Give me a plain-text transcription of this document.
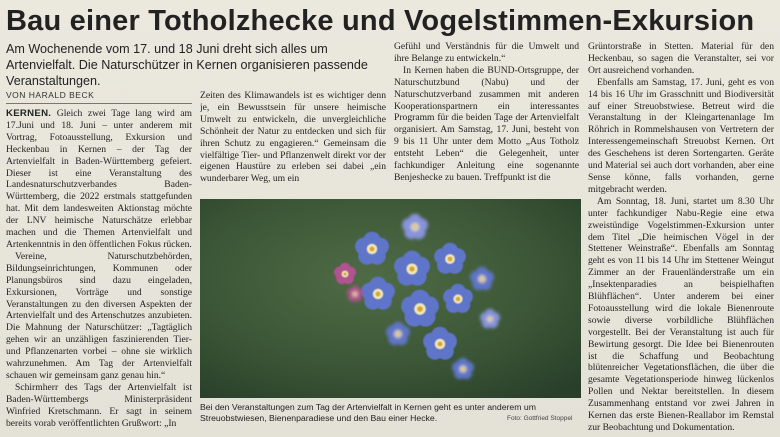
Bau einer Totholzhecke und Vogelstimmen-Exkursion
Am Wochenende vom 17. und 18 Juni dreht sich alles um Artenvielfalt. Die Naturschützer in Kernen organisieren passende Veranstaltungen.
VON HARALD BECK

KERNEN. Gleich zwei Tage lang wird am 17.Juni und 18. Juni – unter anderem mit Vortrag, Fotoausstellung, Exkursion und Heckenbau in Kernen – der Tag der Artenvielfalt in Baden-Württemberg gefeiert. Dieser ist eine Veranstaltung des Landesnaturschutzverbandes Baden-Württemberg, die 2022 erstmals stattgefunden hat. Mit dem landesweiten Aktionstag möchte der LNV heimische Naturschätze erlebbar machen und die Themen Artenvielfalt und Artenkenntnis in den öffentlichen Fokus rücken.

Vereine, Naturschutzbehörden, Bildungseinrichtungen, Kommunen oder Planungsbüros sind dazu eingeladen, Exkursionen, Vorträge und sonstige Veranstaltungen zu den diversen Aspekten der Artenvielfalt und des Artenschutzes anzubieten. Die Mahnung der Naturschützer: „Tagtäglich gehen wir an unzähligen faszinierenden Tier- und Pflanzenarten vorbei – ohne sie wirklich wahrzunehmen. Am Tag der Artenvielfalt schauen wir gemeinsam ganz genau hin.“

Schirmherr des Tags der Artenvielfalt ist Baden-Württembergs Ministerpräsident Winfried Kretschmann. Er sagt in seinem bereits vorab veröffentlichten Grußwort: „In

Zeiten des Klimawandels ist es wichtiger denn je, ein Bewusstsein für unsere heimische Umwelt zu entwickeln, die unvergleichliche Schönheit der Natur zu entdecken und sich für ihren Schutz zu engagieren.“ Gemeinsam die vielfältige Tier- und Pflanzenwelt direkt vor der eigenen Haustüre zu erleben sei dabei „ein wunderbarer Weg, um ein

Gefühl und Verständnis für die Umwelt und ihre Belange zu entwickeln.“

In Kernen haben die BUND-Ortsgruppe, der Naturschutzbund (Nabu) und der Naturschutzverband zusammen mit anderen Kooperationspartnern ein interessantes Programm für die beiden Tage der Artenvielfalt organisiert. Am Samstag, 17. Juni, besteht von 9 bis 11 Uhr unter dem Motto „Aus Totholz entsteht Leben“ die Gelegenheit, unter fachkundiger Anleitung eine sogenannte Benjeshecke zu bauen. Treffpunkt ist die

Grüntorstraße in Stetten. Material für den Heckenbau, so sagen die Veranstalter, sei vor Ort ausreichend vorhanden.

Ebenfalls am Samstag, 17. Juni, geht es von 14 bis 16 Uhr im Grasschnitt und Biodiversität auf einer Streuobstwiese. Betreut wird die Veranstaltung in der Kleingartenanlage Im Röhrich in Rommelshausen von Vertretern der Interessengemeinschaft Streuobst Kernen. Ort des Geschehens ist deren Sortengarten. Geräte und Material sei auch dort vorhanden, aber eine Sense könne, falls vorhanden, gerne mitgebracht werden.

Am Sonntag, 18. Juni, startet um 8.30 Uhr unter fachkundiger Nabu-Regie eine etwa zweistündige Vogelstimmen-Exkursion unter dem Titel „Die heimischen Vögel in der Stettener Weinstraße“. Ebenfalls am Sonntag geht es von 11 bis 14 Uhr im Stettener Weingut Zimmer an der Frauenländerstraße um ein „Insektenparadies an beispielhaften Blühflächen“. Unter anderem bei einer Fotoausstellung wird die lokale Bienenroute sowie diverse vorbildliche Blühflächen vorgestellt. Bei der Veranstaltung ist auch für Bewirtung gesorgt. Die Idee bei Bienenrouten ist die Schaffung und Beobachtung blütenreicher Vegetationsflächen, die über die gesamte Vegetationsperiode hinweg lückenlos Pollen und Nektar bereitstellen. In diesem Zusammenhang entstand vor zwei Jahren in Kernen das erste Bienen-Reallabor im Remstal zur Beobachtung und Dokumentation.

Bei den Veranstaltungen zum Tag der Artenvielfalt in Kernen geht es unter anderem um Streuobstwiesen, Bienenparadiese und den Bau einer Hecke.	Foto: Gottfried Stoppel
